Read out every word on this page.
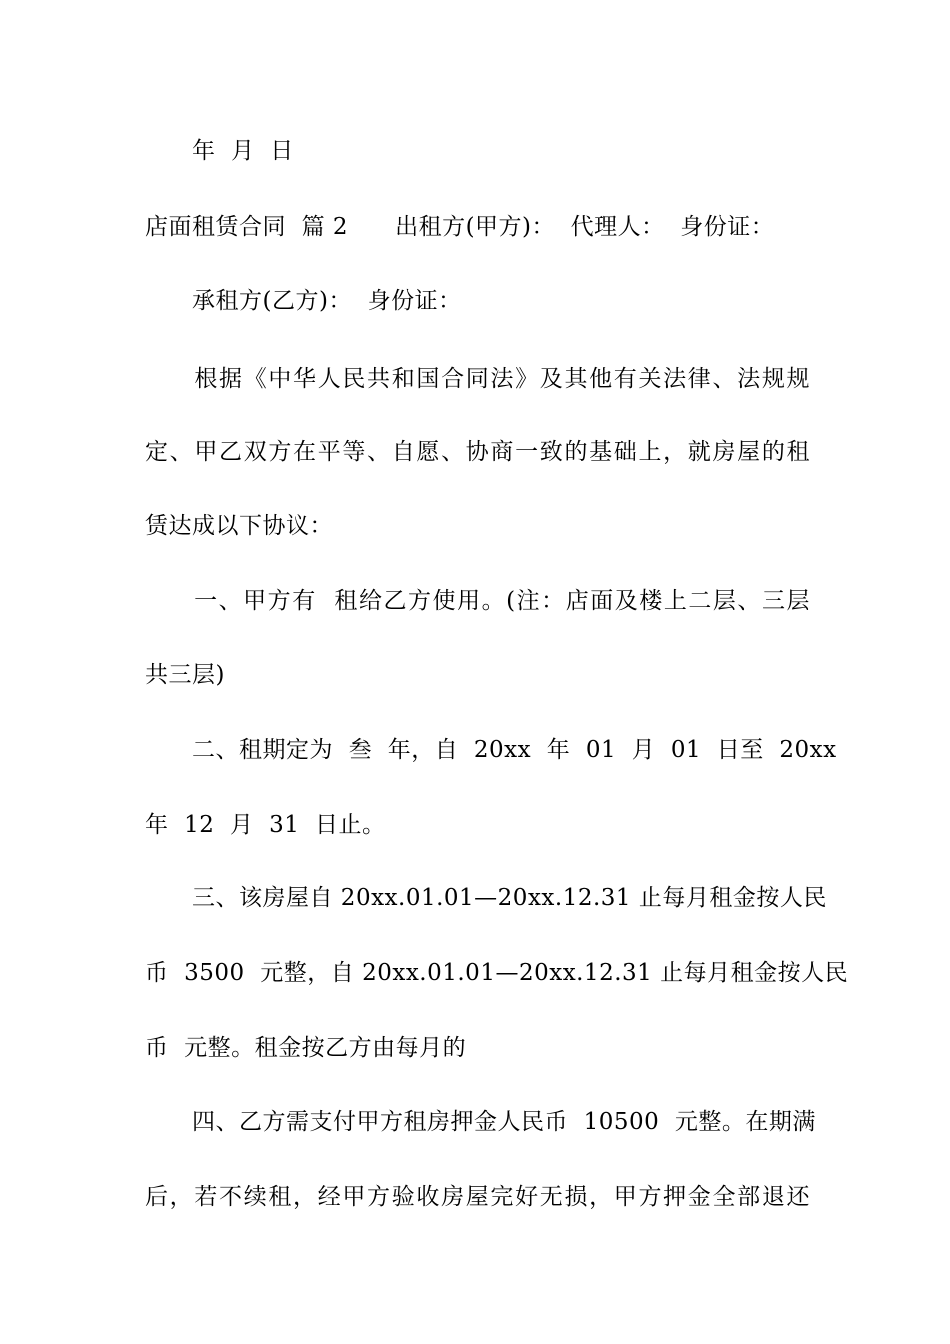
　　年  月  日
店面租赁合同  篇 2　　出租方(甲方)：  代理人：  身份证：
　　承租方(乙方)：  身份证：
　　根据《中华人民共和国合同法》及其他有关法律、法规规
定、甲乙双方在平等、自愿、协商一致的基础上，就房屋的租
赁达成以下协议：
　　一、甲方有  租给乙方使用。(注：店面及楼上二层、三层
共三层)
　　二、租期定为  叁  年，自  20xx  年  01  月  01  日至  20xx
年  12  月  31  日止。
　　三、该房屋自 20xx.01.01—20xx.12.31 止每月租金按人民
币  3500  元整，自 20xx.01.01—20xx.12.31 止每月租金按人民
币  元整。租金按乙方由每月的
　　四、乙方需支付甲方租房押金人民币  10500  元整。在期满
后，若不续租，经甲方验收房屋完好无损，甲方押金全部退还
